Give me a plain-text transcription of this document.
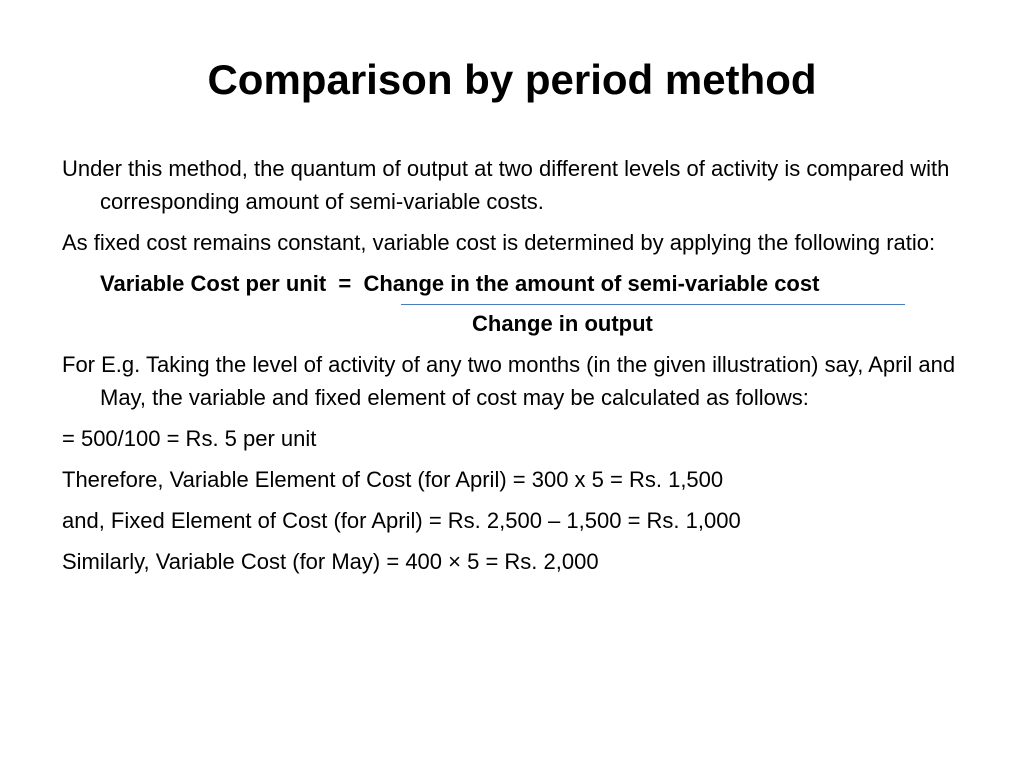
Comparison by period method
Under this method, the quantum of output at two different levels of activity is compared with corresponding amount of semi-variable costs.
As fixed cost remains constant, variable cost is determined by applying the following ratio:
Variable Cost per unit  =  Change in the amount of semi-variable cost
Change in output
For E.g. Taking the level of activity of any two months (in the given illustration) say, April and May, the variable and fixed element of cost may be calculated as follows:
= 500/100 = Rs. 5 per unit
Therefore, Variable Element of Cost (for April) = 300 x 5 = Rs. 1,500
and, Fixed Element of Cost (for April) = Rs. 2,500 – 1,500 = Rs. 1,000
Similarly, Variable Cost (for May) = 400 × 5 = Rs. 2,000
